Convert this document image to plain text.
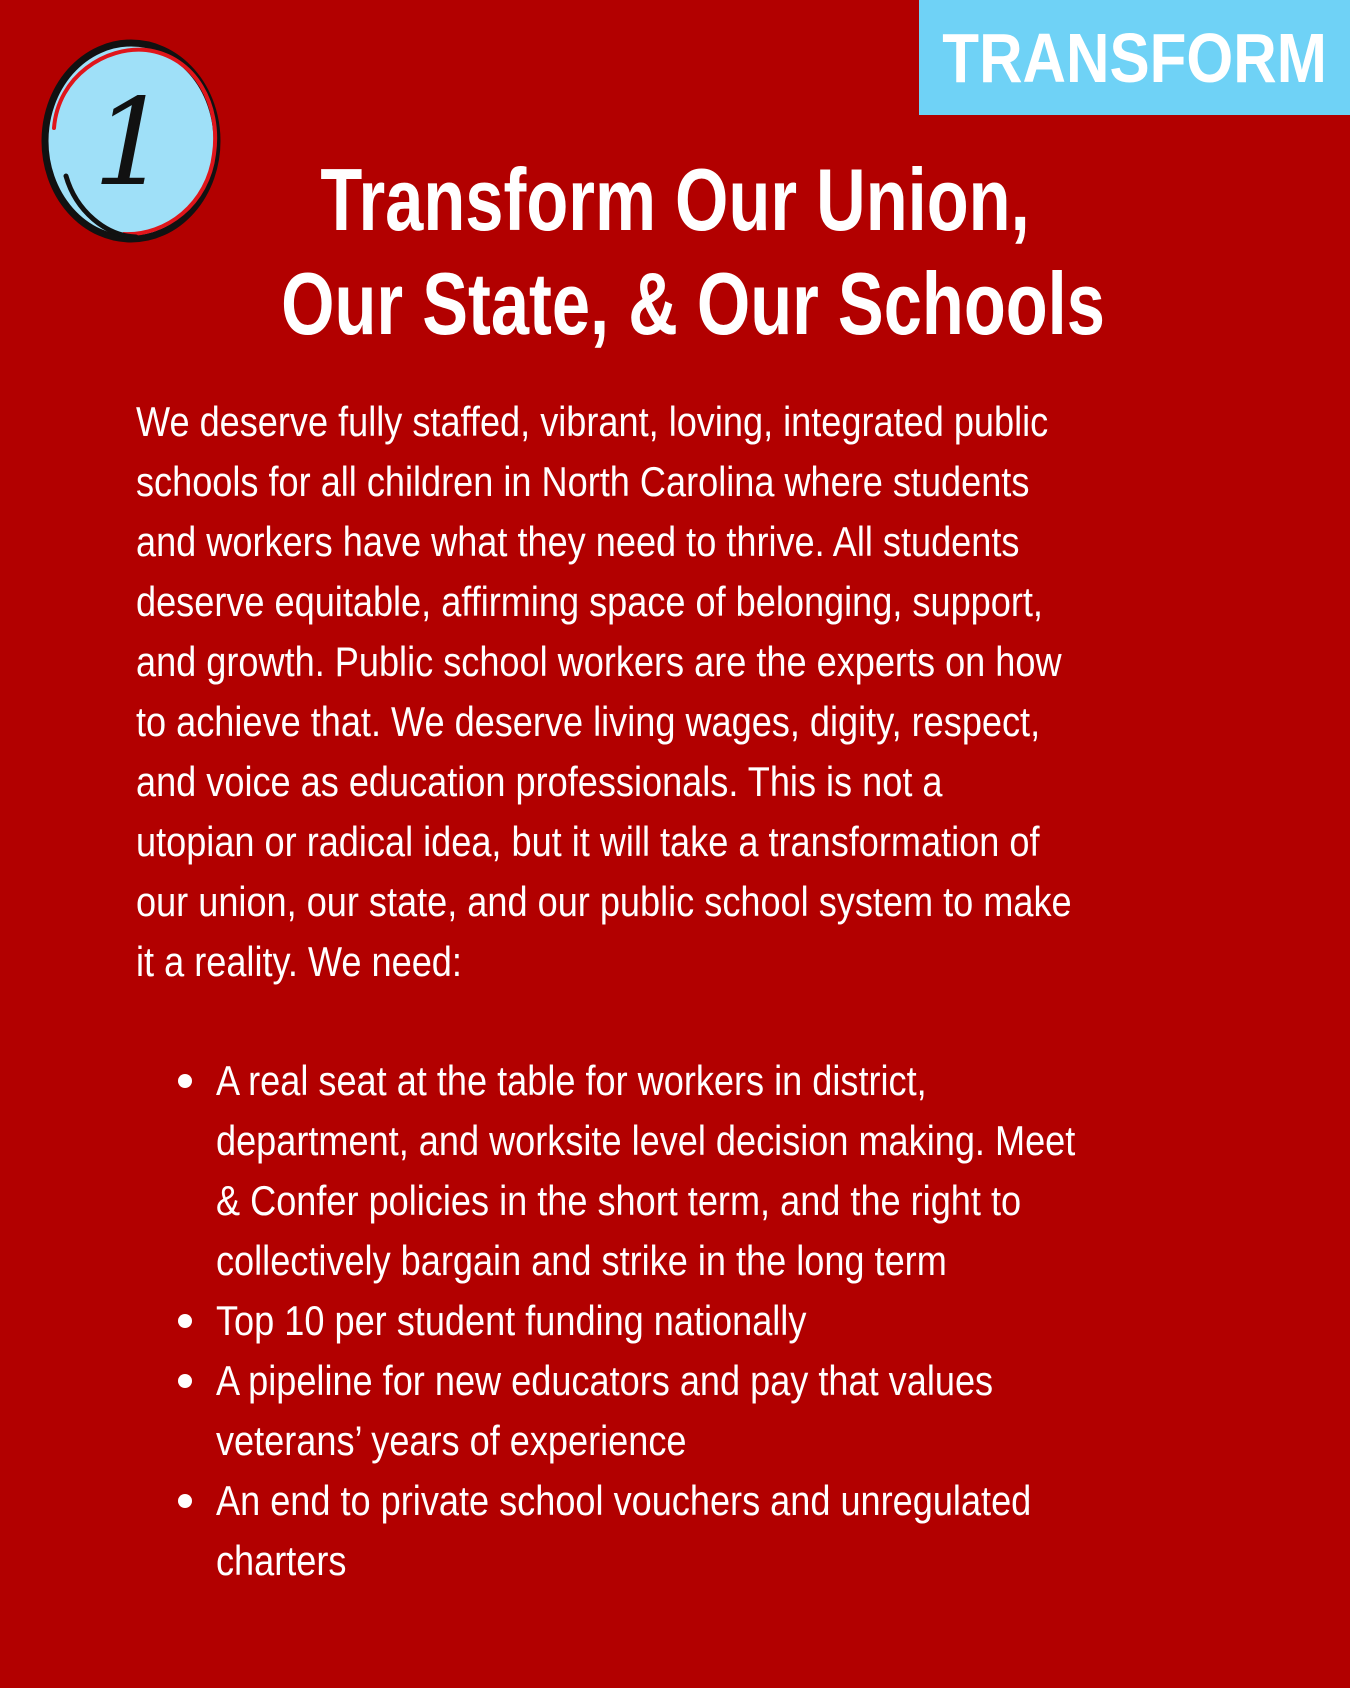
TRANSFORM
1	Transform Our Union,
Our State, & Our Schools
We deserve fully staffed, vibrant, loving, integrated public
schools for all children in North Carolina where students
and workers have what they need to thrive. All students
deserve equitable, affirming space of belonging, support,
and growth. Public school workers are the experts on how
to achieve that. We deserve living wages, digity, respect,
and voice as education professionals. This is not a
utopian or radical idea, but it will take a transformation of
our union, our state, and our public school system to make
it a reality. We need:
A real seat at the table for workers in district,
department, and worksite level decision making. Meet
& Confer policies in the short term, and the right to
collectively bargain and strike in the long term
Top 10 per student funding nationally
A pipeline for new educators and pay that values
veterans’ years of experience
An end to private school vouchers and unregulated
charters
